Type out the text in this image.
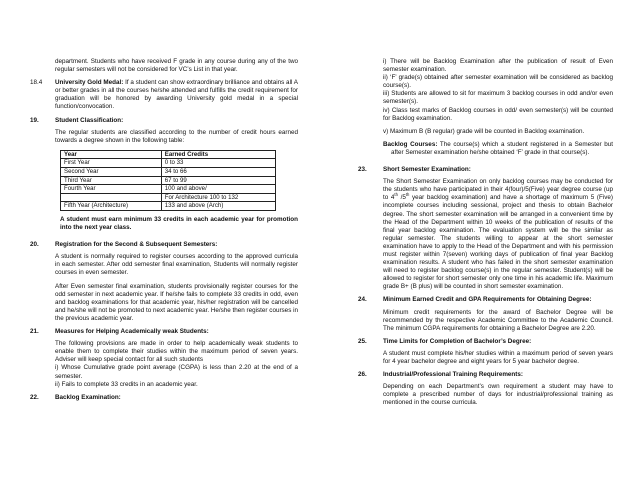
department. Students who have received F grade in any course during any of the two regular semesters will not be considered for VC’s List in that year.

18.4 University Gold Medal: If a student can show extraordinary brilliance and obtains all A or better grades in all the courses he/she attended and fulfills the credit requirement for graduation will be honored by awarding University gold medal in a special function/convocation.

19.	Student Classification:

The regular students are classified according to the number of credit hours earned towards a degree shown in the following table:

Year	Earned Credits
First Year	0 to 33
Second Year	34 to 66
Third Year	67 to 99
Fourth Year	100 and above/
	For Architecture 100 to 132
Fifth Year (Architecture)	133 and above (Arch)

A student must earn minimum 33 credits in each academic year for promotion into the next year class.

20.	Registration for the Second & Subsequent Semesters:

A student is normally required to register courses according to the approved curricula in each semester. After odd semester final examination, Students will normally register courses in even semester.

After Even semester final examination, students provisionally register courses for the odd semester in next academic year. If he/she fails to complete 33 credits in odd, even and backlog examinations for that academic year, his/her registration will be cancelled and he/she will not be promoted to next academic year. He/she then register courses in the previous academic year.

21.	Measures for Helping Academically weak Students:

The following provisions are made in order to help academically weak students to enable them to complete their studies within the maximum period of seven years. Adviser will keep special contact for all such students

i) Whose Cumulative grade point average (CGPA) is less than 2.20 at the end of a semester.

ii) Fails to complete 33 credits in an academic year.

22.	Backlog Examination:

i) There will be Backlog Examination after the publication of result of Even semester examination.

ii) ‘F’ grade(s) obtained after semester examination will be considered as backlog course(s).

iii) Students are allowed to sit for maximum 3 backlog courses in odd and/or even semester(s).

iv) Class test marks of Backlog courses in odd/ even semester(s) will be counted for Backlog examination.

v) Maximum B (B regular) grade will be counted in Backlog examination.

Backlog Courses: The course(s) which a student registered in a Semester but after Semester examination he/she obtained ‘F’ grade in that course(s).

23.	Short Semester Examination:

The Short Semester Examination on only backlog courses may be conducted for the students who have participated in their 4(four)/5(Five) year degree course (up to 4th /5th year backlog examination) and have a shortage of maximum 5 (Five) incomplete courses including sessional, project and thesis to obtain Bachelor degree. The short semester examination will be arranged in a convenient time by the Head of the Department within 10 weeks of the publication of results of the final year backlog examination. The evaluation system will be the similar as regular semester. The students willing to appear at the short semester examination have to apply to the Head of the Department and with his permission must register within 7(seven) working days of publication of final year Backlog examination results. A student who has failed in the short semester examination will need to register backlog course(s) in the regular semester. Student(s) will be allowed to register for short semester only one time in his academic life. Maximum grade B+ (B plus) will be counted in short semester examination.

24.	Minimum Earned Credit and GPA Requirements for Obtaining Degree:

Minimum credit requirements for the award of Bachelor Degree will be recommended by the respective Academic Committee to the Academic Council. The minimum CGPA requirements for obtaining a Bachelor Degree are 2.20.

25.	Time Limits for Completion of Bachelor’s Degree:

A student must complete his/her studies within a maximum period of seven years for 4 year bachelor degree and eight years for 5 year bachelor degree.

26.	Industrial/Professional Training Requirements:

Depending on each Department’s own requirement a student may have to complete a prescribed number of days for industrial/professional training as mentioned in the course curricula.
